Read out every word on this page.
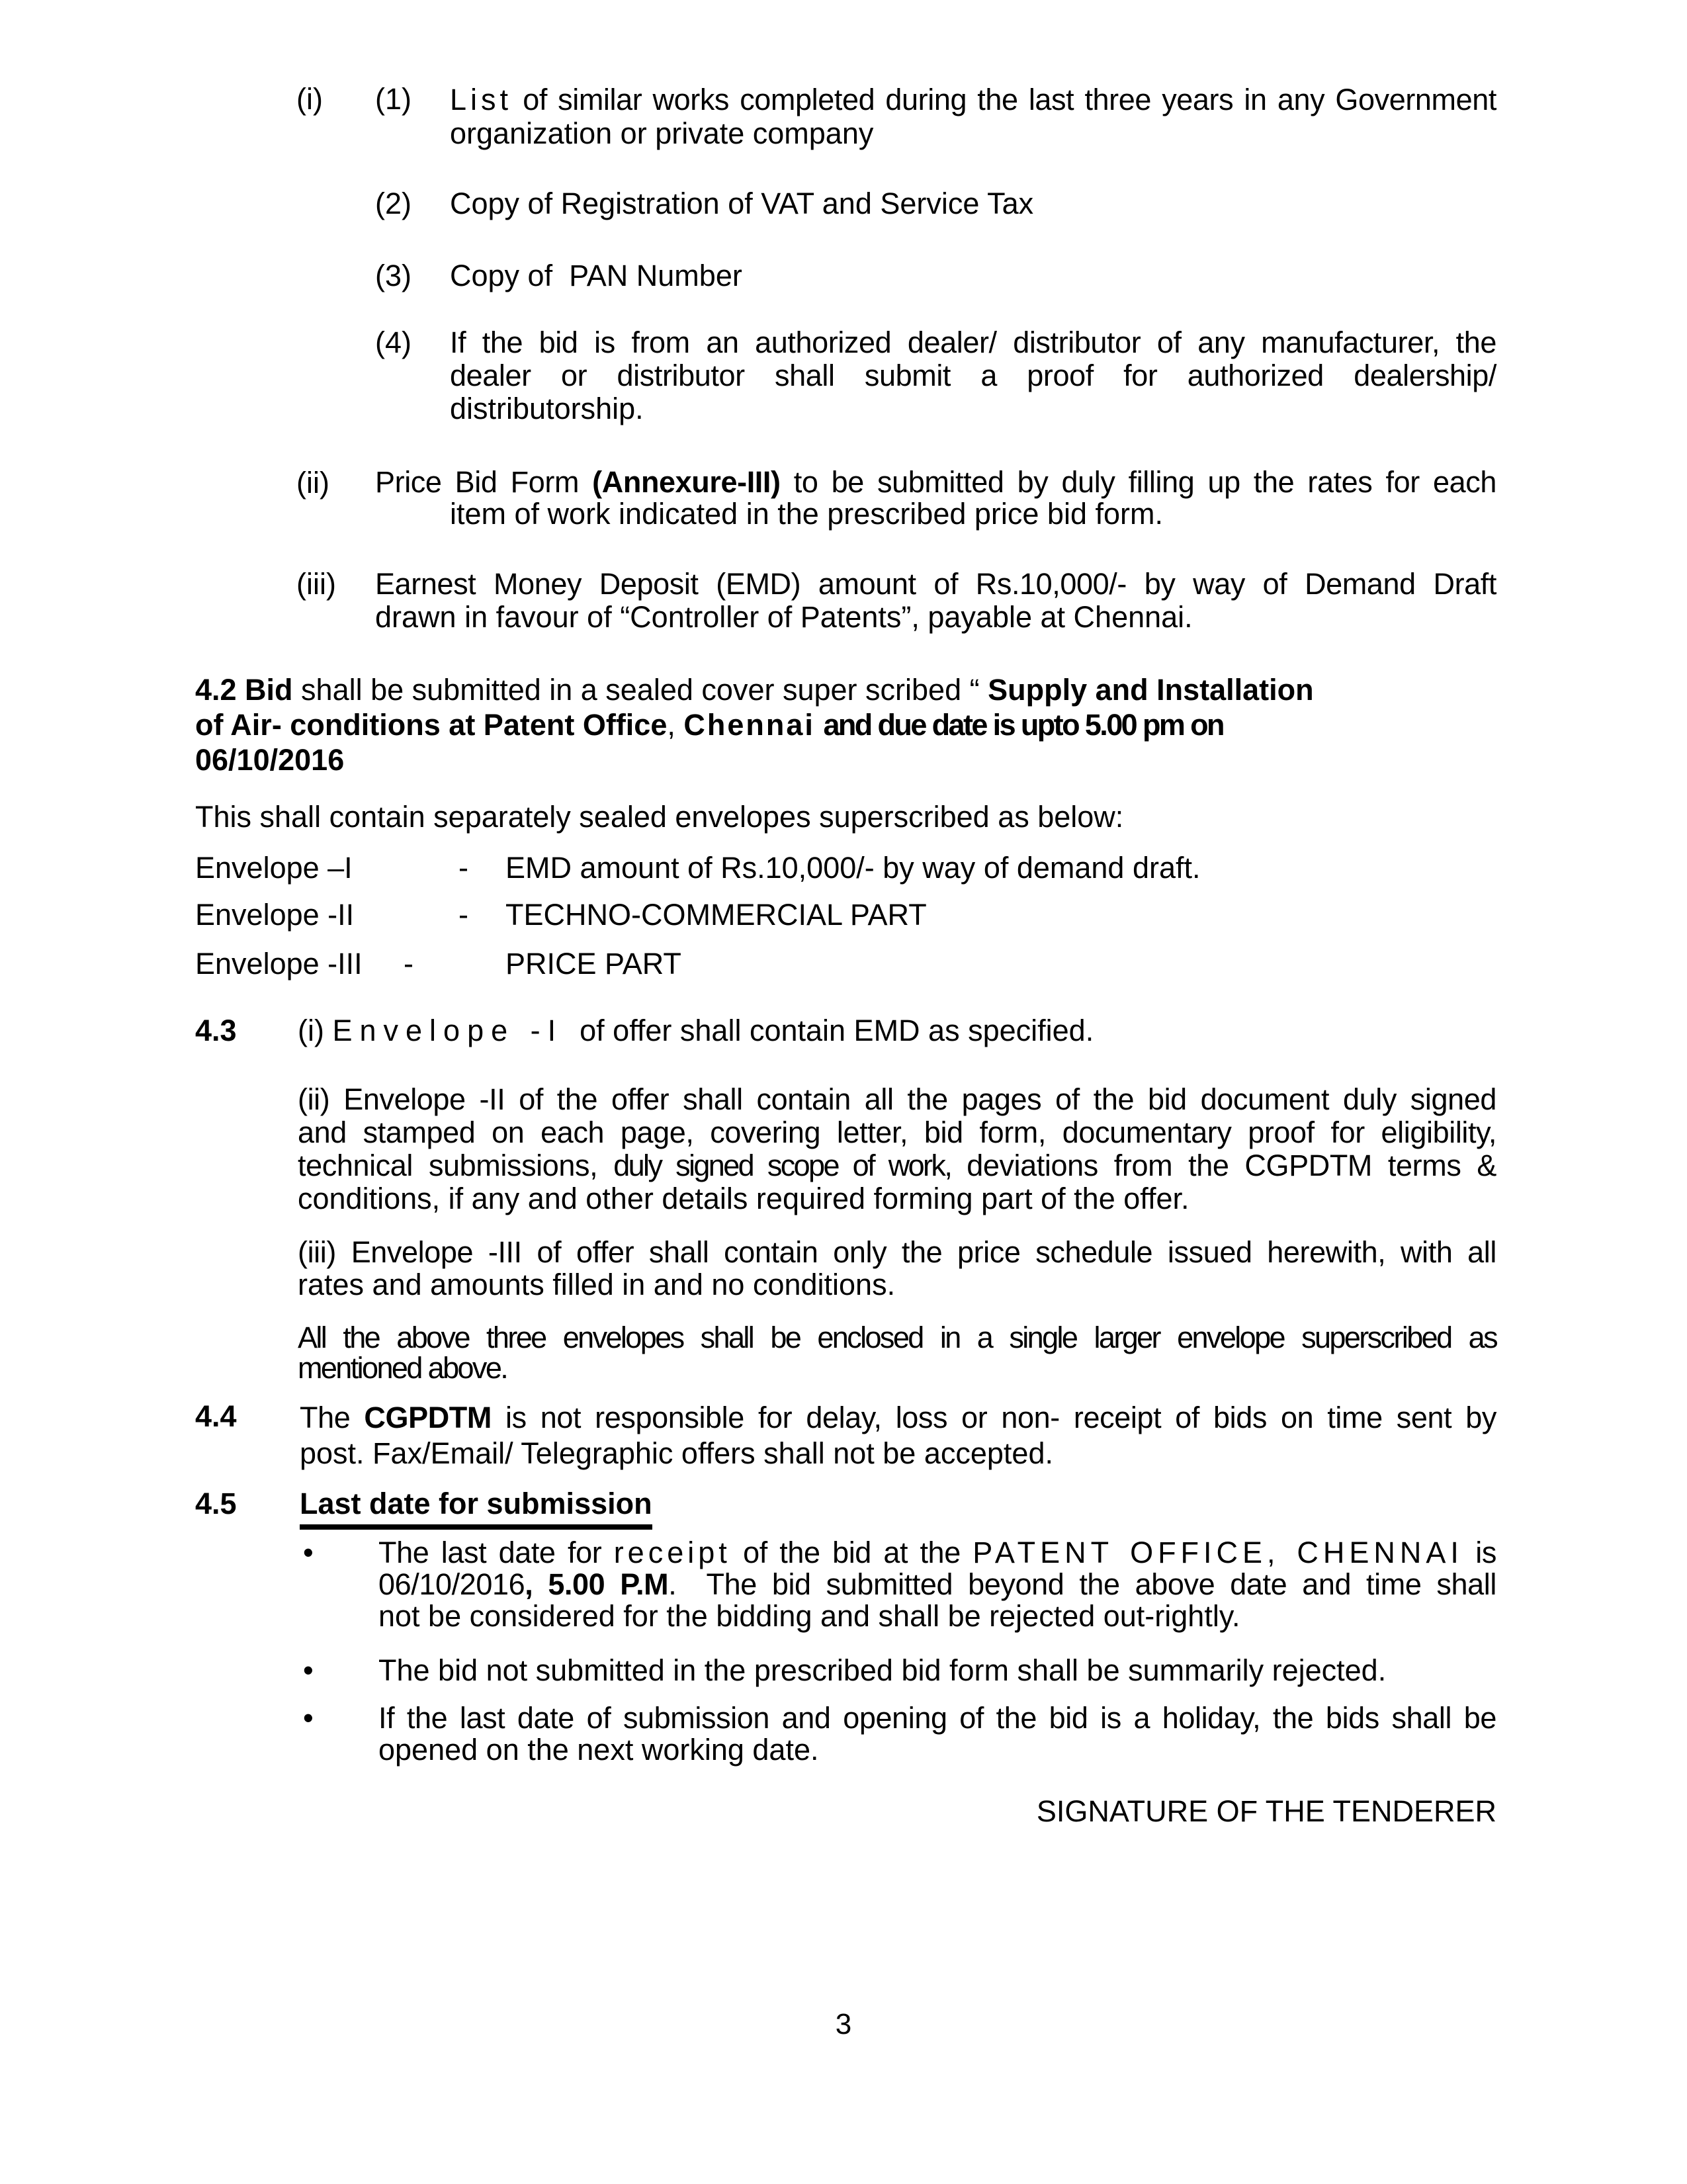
(i) (1) List of similar works completed during the last three years in any Government
organization or private company
(2) Copy of Registration of VAT and Service Tax
(3) Copy of  PAN Number
(4) If the bid is from an authorized dealer/ distributor of any manufacturer, the
dealer or distributor shall submit a proof for authorized dealership/
distributorship.
(ii) Price Bid Form (Annexure-III) to be submitted by duly filling up the rates for each
item of work indicated in the prescribed price bid form.
(iii) Earnest Money Deposit (EMD) amount of Rs.10,000/- by way of Demand Draft
drawn in favour of “Controller of Patents”, payable at Chennai.
4.2 Bid shall be submitted in a sealed cover super scribed “ Supply and Installation
of Air- conditions at Patent Office, Chennai and due date is upto 5.00 pm on
06/10/2016
This shall contain separately sealed envelopes superscribed as below:
Envelope –I	- EMD amount of Rs.10,000/- by way of demand draft.
Envelope -II	- TECHNO-COMMERCIAL PART
Envelope -III -	PRICE PART
4.3 (i) Envelope -I  of offer shall contain EMD as specified.
(ii) Envelope -II of the offer shall contain all the pages of the bid document duly signed
and stamped on each page, covering letter, bid form, documentary proof for eligibility,
technical submissions, duly signed scope of work, deviations from the CGPDTM terms &
conditions, if any and other details required forming part of the offer.
(iii) Envelope -III of offer shall contain only the price schedule issued herewith, with all
rates and amounts filled in and no conditions.
All the above three envelopes shall be enclosed in a single larger envelope superscribed as
mentioned above.
4.4 The CGPDTM is not responsible for delay, loss or non- receipt of bids on time sent by
post. Fax/Email/ Telegraphic offers shall not be accepted.
4.5 Last date for submission
• The last date for receipt of the bid at the PATENT OFFICE, CHENNAI is
06/10/2016, 5.00 P.M.  The bid submitted beyond the above date and time shall
not be considered for the bidding and shall be rejected out-rightly.
• The bid not submitted in the prescribed bid form shall be summarily rejected.
• If the last date of submission and opening of the bid is a holiday, the bids shall be
opened on the next working date.
SIGNATURE OF THE TENDERER
3
